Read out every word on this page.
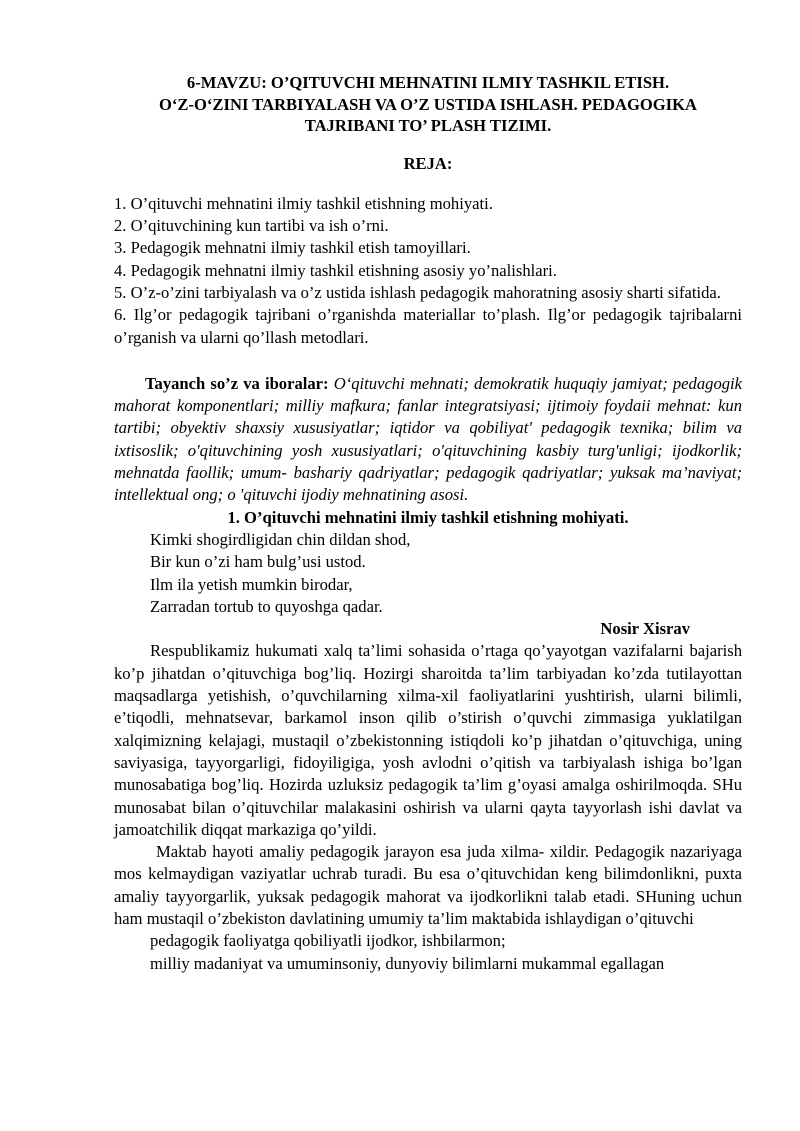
6-MAVZU: O’QITUVCHI MEHNATINI ILMIY TASHKIL ETISH.

O‘Z-O‘ZINI TARBIYALASH VA O’Z USTIDA ISHLASH. PEDAGOGIKA

TAJRIBANI TO’ PLASH TIZIMI.

REJA:

1. O’qituvchi mehnatini ilmiy tashkil etishning mohiyati.
2. O’qituvchining kun tartibi va ish o’rni.
3. Pedagogik mehnatni ilmiy tashkil etish tamoyillari.
4. Pedagogik mehnatni ilmiy tashkil etishning asosiy yo’nalishlari.
5. O’z-o’zini tarbiyalash va o’z ustida ishlash pedagogik mahoratning asosiy sharti sifatida.
6. Ilg’or pedagogik tajribani o’rganishda materiallar to’plash. Ilg’or pedagogik tajribalarni o’rganish va ularni qo’llash metodlari.

Tayanch so’z va iboralar: O‘qituvchi mehnati; demokratik huquqiy jamiyat; pedagogik mahorat komponentlari; milliy mafkura; fanlar integratsiyasi; ijtimoiy foydaii mehnat: kun tartibi; obyektiv shaxsiy xususiyatlar; iqtidor va qobiliyat' pedagogik texnika; bilim va ixtisoslik; o'qituvchining yosh xususiyatlari; o'qituvchining kasbiy turg'unligi; ijodkorlik; mehnatda faollik; umum- bashariy qadriyatlar; pedagogik qadriyatlar; yuksak ma’naviyat; intellektual ong; o 'qituvchi ijodiy mehnatining asosi.

1. O’qituvchi mehnatini ilmiy tashkil etishning mohiyati.

Kimki shogirdligidan chin dildan shod,
Bir kun o’zi ham bulg’usi ustod.
Ilm ila yetish mumkin birodar,
Zarradan tortub to quyoshga qadar.

Nosir Xisrav

Respublikamiz hukumati xalq ta’limi sohasida o’rtaga qo’yayotgan vazifalarni bajarish ko’p jihatdan o’qituvchiga bog’liq. Hozirgi sharoitda ta’lim tarbiyadan ko’zda tutilayottan maqsadlarga yetishish, o’quvchilarning xilma-xil faoliyatlarini yushtirish, ularni bilimli, e’tiqodli, mehnatsevar, barkamol inson qilib o’stirish o’quvchi zimmasiga yuklatilgan xalqimizning kelajagi, mustaqil o’zbekistonning istiqdoli ko’p jihatdan o’qituvchiga, uning saviyasiga, tayyorgarligi, fidoyiligiga, yosh avlodni o’qitish va tarbiyalash ishiga bo’lgan munosabatiga bog’liq. Hozirda uzluksiz pedagogik ta’lim g’oyasi amalga oshirilmoqda. SHu munosabat bilan o’qituvchilar malakasini oshirish va ularni qayta tayyorlash ishi davlat va jamoatchilik diqqat markaziga qo’yildi.

Maktab hayoti amaliy pedagogik jarayon esa juda xilma- xildir. Pedagogik nazariyaga mos kelmaydigan vaziyatlar uchrab turadi. Bu esa o’qituvchidan keng bilimdonlikni, puxta amaliy tayyorgarlik, yuksak pedagogik mahorat va ijodkorlikni talab etadi. SHuning uchun ham mustaqil o’zbekiston davlatining umumiy ta’lim maktabida ishlaydigan o’qituvchi

pedagogik faoliyatga qobiliyatli ijodkor, ishbilarmon;

milliy madaniyat va umuminsoniy, dunyoviy bilimlarni mukammal egallagan
